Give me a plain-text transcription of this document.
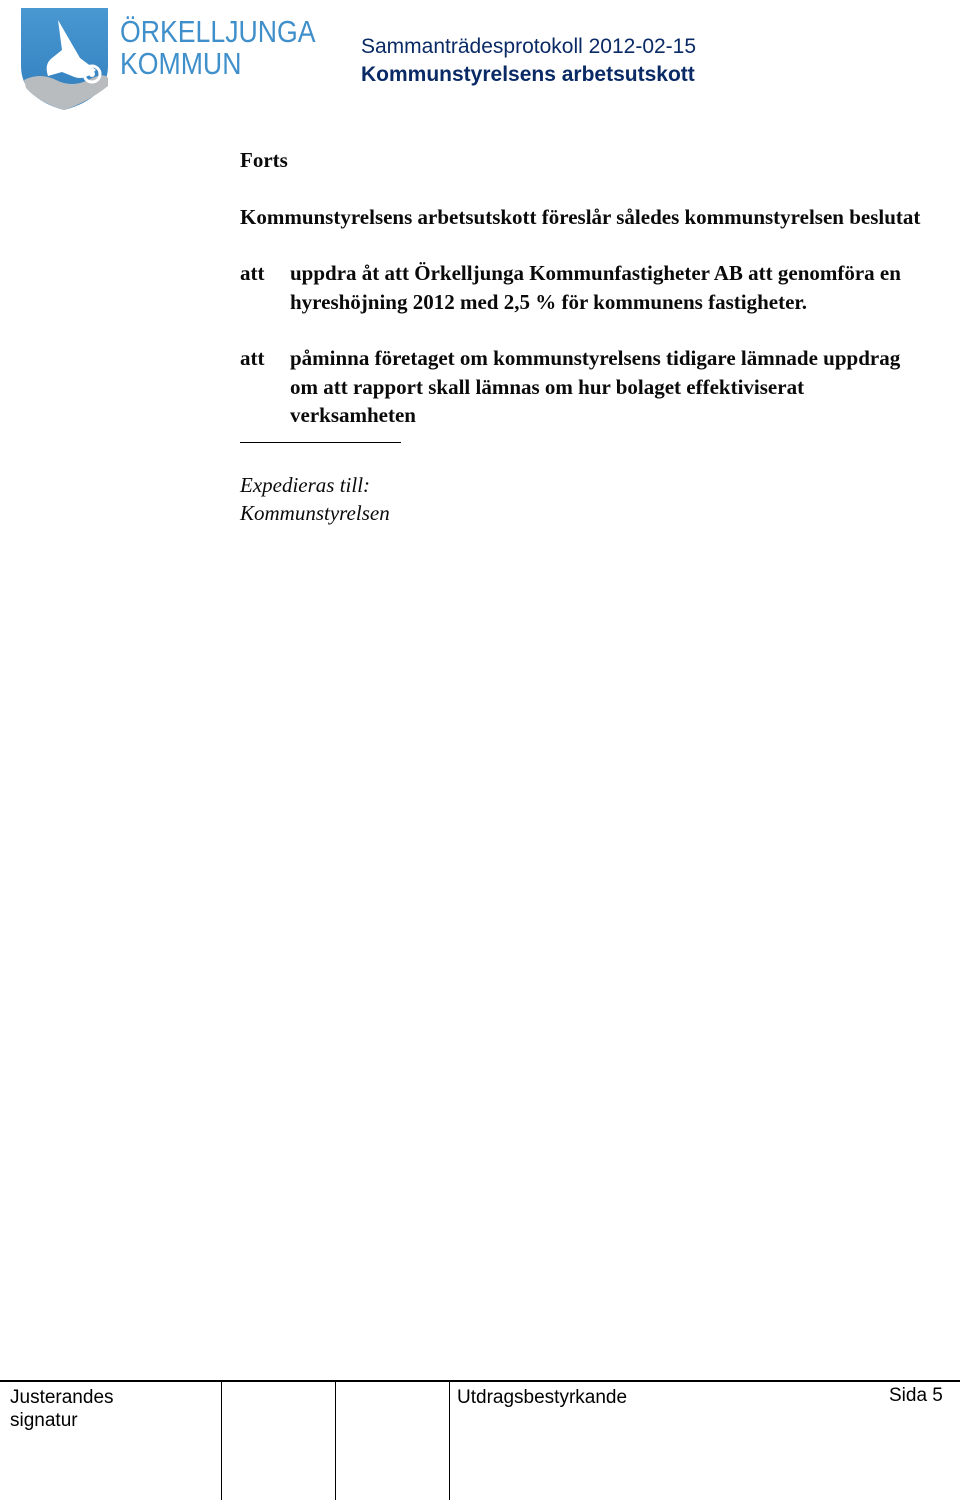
ÖRKELLJUNGA
KOMMUN	Sammanträdesprotokoll 2012-02-15
Kommunstyrelsens arbetsutskott

Forts

Kommunstyrelsens arbetsutskott föreslår således kommunstyrelsen beslutat

att	uppdra åt att Örkelljunga Kommunfastigheter AB att genomföra en hyreshöjning 2012 med 2,5 % för kommunens fastigheter.
att	påminna företaget om kommunstyrelsens tidigare lämnade uppdrag om att rapport skall lämnas om hur bolaget effektiviserat verksamheten
Expedieras till:
Kommunstyrelsen
Justerandes
signatur
Utdragsbestyrkande	Sida 5
